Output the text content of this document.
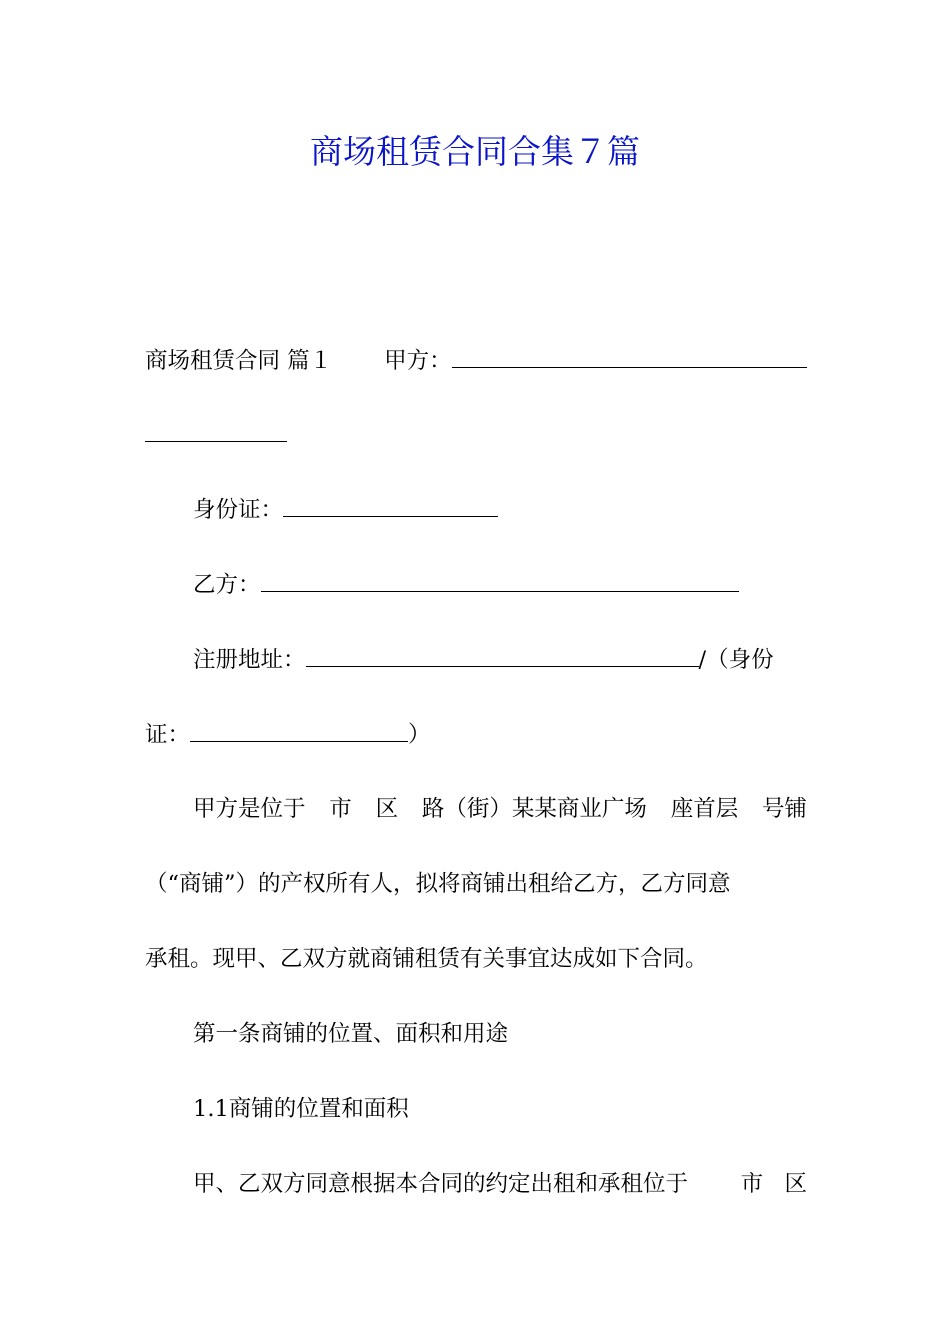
商场租赁合同合集７篇
商场租赁合同 篇１ 甲方：
身份证：
乙方：
注册地址：	/（身份
证：	）
甲方是位于 市 区 路（街）某某商业广场 座首层 号铺
（“商铺”）的产权所有人，拟将商铺出租给乙方，乙方同意
承租。现甲、乙双方就商铺租赁有关事宜达成如下合同。
第一条商铺的位置、面积和用途
1.1商铺的位置和面积
甲、乙双方同意根据本合同的约定出租和承租位于 市 区
